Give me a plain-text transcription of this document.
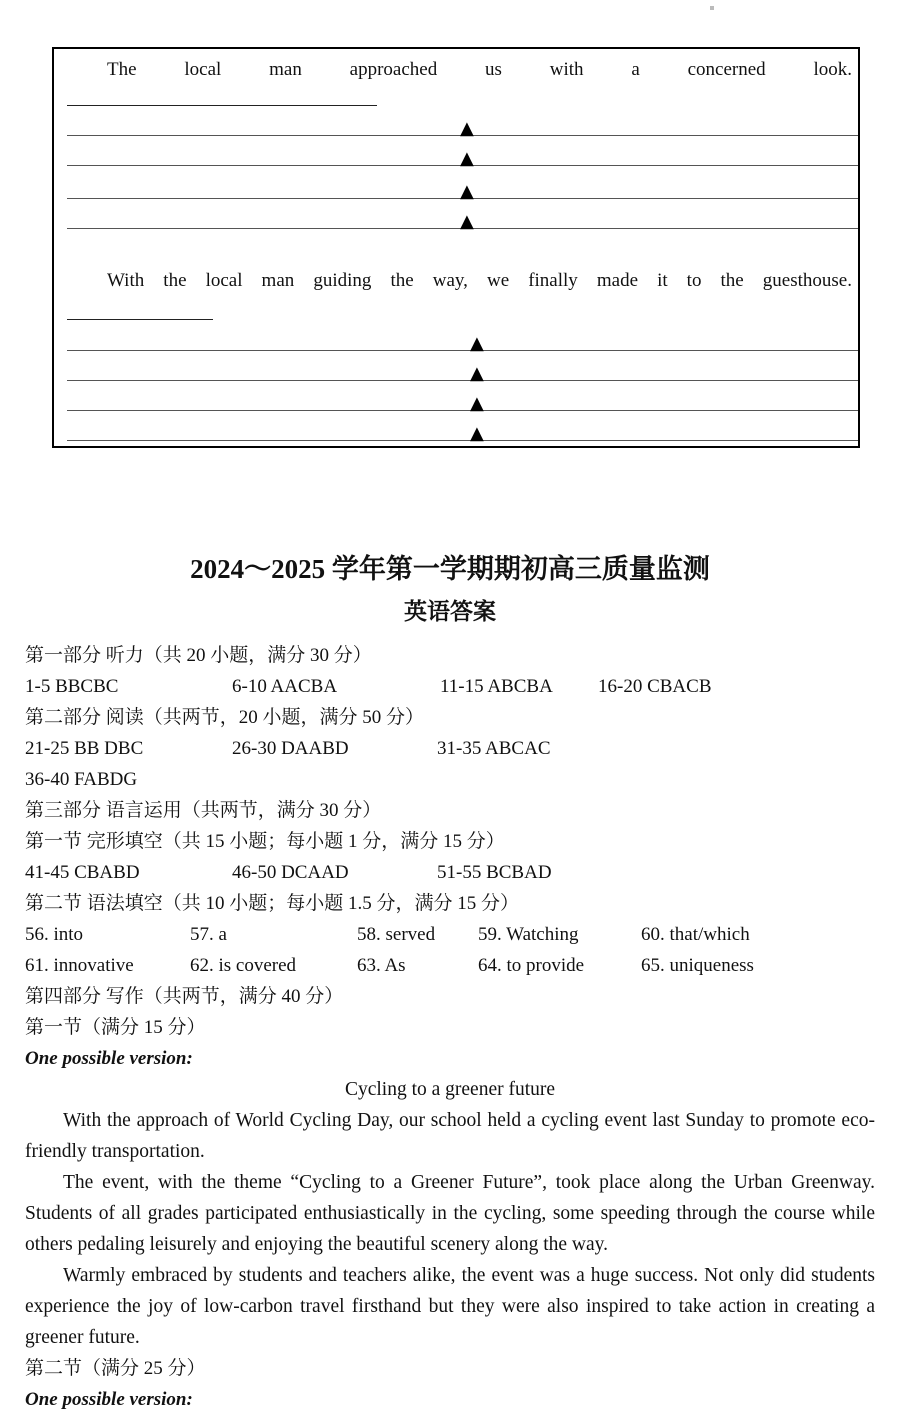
The local man approached us with a concerned look.
▲
▲
▲
▲
With the local man guiding the way, we finally made it to the guesthouse.
▲
▲
▲
▲
2024～2025 学年第一学期期初高三质量监测
英语答案
第一部分 听力（共 20 小题，满分 30 分）
1-5 BBCBC	6-10 AACBA	11-15 ABCBA	16-20 CBACB
第二部分 阅读（共两节，20 小题，满分 50 分）
21-25 BB DBC	26-30 DAABD	31-35 ABCAC
36-40 FABDG
第三部分 语言运用（共两节，满分 30 分）
第一节 完形填空（共 15 小题；每小题 1 分，满分 15 分）
41-45 CBABD	46-50 DCAAD	51-55 BCBAD
第二节 语法填空（共 10 小题；每小题 1.5 分，满分 15 分）
56. into	57. a	58. served	59. Watching	60. that/which
61. innovative	62. is covered	63. As	64. to provide	65. uniqueness
第四部分 写作（共两节，满分 40 分）
第一节（满分 15 分）
One possible version:
Cycling to a greener future

With the approach of World Cycling Day, our school held a cycling event last Sunday to promote eco-friendly transportation.

The event, with the theme “Cycling to a Greener Future”, took place along the Urban Greenway. Students of all grades participated enthusiastically in the cycling, some speeding through the course while others pedaling leisurely and enjoying the beautiful scenery along the way.

Warmly embraced by students and teachers alike, the event was a huge success. Not only did students experience the joy of low-carbon travel firsthand but they were also inspired to take action in creating a greener future.

第二节（满分 25 分）
One possible version:
